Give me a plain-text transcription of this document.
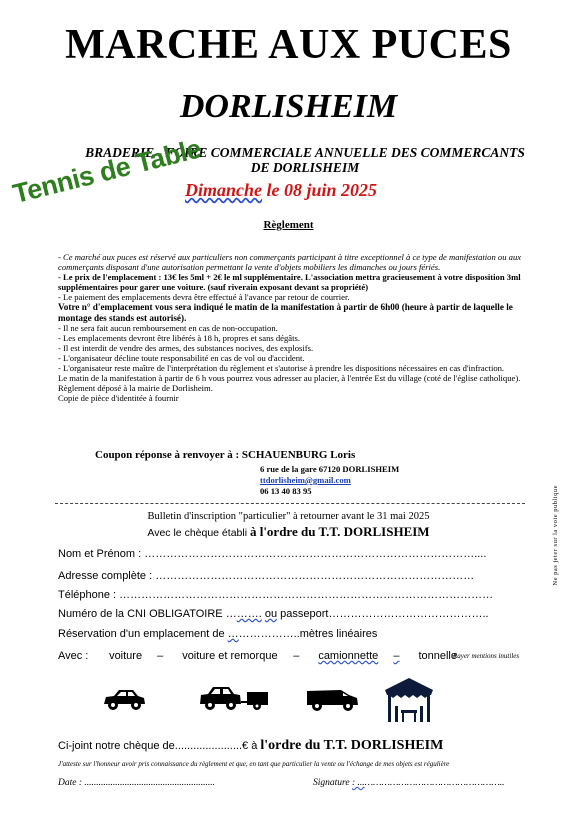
MARCHE AUX PUCES
DORLISHEIM
BRADERIE - FOIRE COMMERCIALE ANNUELLE DES COMMERCANTS
DE DORLISHEIM
Tennis de Table
Dimanche le 08 juin 2025
Règlement
- Ce marché aux puces est réservé aux particuliers non commerçants participant à titre exceptionnel à ce type de manifestation ou aux commerçants disposant d'une autorisation permettant la vente d'objets mobiliers les dimanches ou jours fériés.
- Le prix de l'emplacement : 13€ les 5ml + 2€ le ml supplémentaire. L'association mettra gracieusement à votre disposition 3ml supplémentaires pour garer une voiture. (sauf riverain exposant devant sa propriété)
- Le paiement des emplacements devra être effectué à l'avance par retour de courrier.
Votre n° d'emplacement vous sera indiqué le matin de la manifestation à partir de 6h00 (heure à partir de laquelle le montage des stands est autorisé).
- Il ne sera fait aucun remboursement en cas de non-occupation.
- Les emplacements devront être libérés à 18 h, propres et sans dégâts.
- Il est interdit de vendre des armes, des substances nocives, des explosifs.
- L'organisateur décline toute responsabilité en cas de vol ou d'accident.
- L'organisateur reste maître de l'interprétation du règlement et s'autorise à prendre les dispositions nécessaires en cas d'infraction.
Le matin de la manifestation à partir de 6 h vous pourrez vous adresser au placier, à l'entrée Est du village (coté de l'église catholique).
Règlement déposé à la mairie de Dorlisheim.
Copie de pièce d'identitée à fournir
Coupon réponse à renvoyer à : SCHAUENBURG Loris
6 rue de la gare 67120 DORLISHEIM
ttdorlisheim@gmail.com
06 13 40 83 95
Bulletin d'inscription "particulier" à retourner avant le 31 mai 2025
Avec le chèque établi à l'ordre du T.T. DORLISHEIM
Nom et Prénom : ………………………………………………………………………………....
Adresse complète : ……………………………………………………………………………
Téléphone : …………………………………………………………………………………………
Numéro de la CNI OBLIGATOIRE ………. ou passeport……………………………………..
Réservation d'un emplacement de ………………..mètres linéaires
Avec : voiture – voiture et remorque – camionnette – tonnelle
Rayer mentions inutiles
Ci-joint notre chèque de......................€ à l'ordre du T.T. DORLISHEIM
J'atteste sur l'honneur avoir pris connaissance du règlement et que, en tant que particulier la vente ou l'échange de mes objets est régulière
Date : .......................................................	Signature : ...…………………………………………..
Ne pas jeter sur la voie publique
